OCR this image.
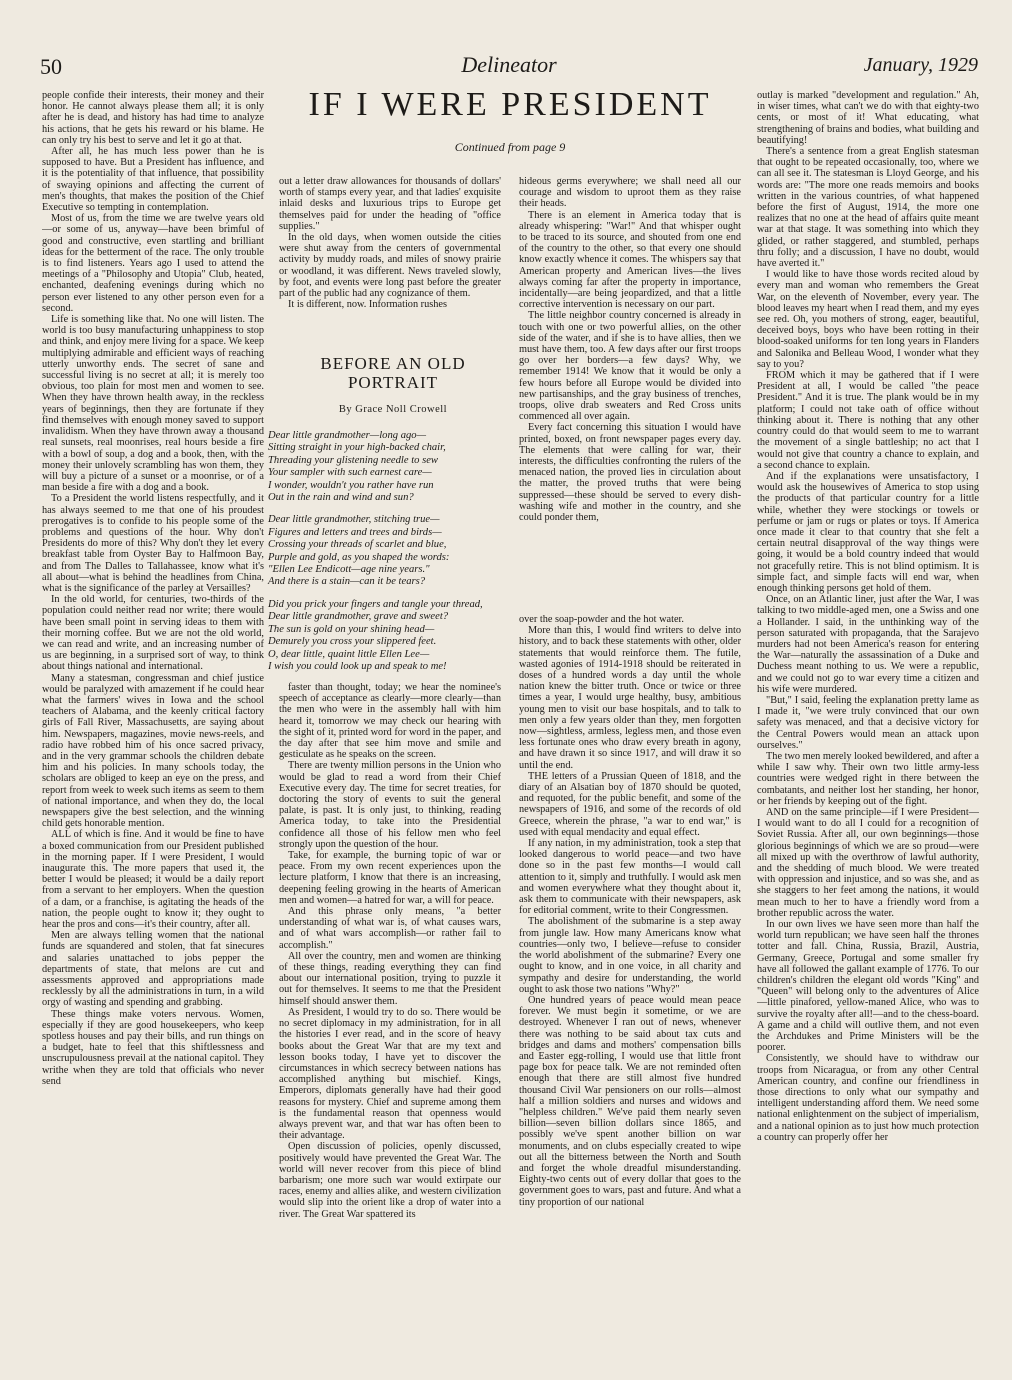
50	Delineator	January, 1929
IF I WERE PRESIDENT
Continued from page 9

people confide their interests, their money and their honor. He cannot always please them all; it is only after he is dead, and history has had time to analyze his actions, that he gets his reward or his blame. He can only try his best to serve and let it go at that.

After all, he has much less power than he is supposed to have. But a President has influence, and it is the potentiality of that influence, that possibility of swaying opinions and affecting the current of men's thoughts, that makes the position of the Chief Executive so tempting in contemplation.

Most of us, from the time we are twelve years old—or some of us, anyway—have been brimful of good and constructive, even startling and brilliant ideas for the betterment of the race. The only trouble is to find listeners. Years ago I used to attend the meetings of a "Philosophy and Utopia" Club, heated, enchanted, deafening evenings during which no person ever listened to any other person even for a second.

Life is something like that. No one will listen. The world is too busy manufacturing unhappiness to stop and think, and enjoy mere living for a space. We keep multiplying admirable and efficient ways of reaching utterly unworthy ends. The secret of sane and successful living is no secret at all; it is merely too obvious, too plain for most men and women to see. When they have thrown health away, in the reckless years of beginnings, then they are fortunate if they find themselves with enough money saved to support invalidism. When they have thrown away a thousand real sunsets, real moonrises, real hours beside a fire with a bowl of soup, a dog and a book, then, with the money their unlovely scrambling has won them, they will buy a picture of a sunset or a moonrise, or of a man beside a fire with a dog and a book.

To a President the world listens respectfully, and it has always seemed to me that one of his proudest prerogatives is to confide to his people some of the problems and questions of the hour. Why don't Presidents do more of this? Why don't they let every breakfast table from Oyster Bay to Halfmoon Bay, and from The Dalles to Tallahassee, know what it's all about—what is behind the headlines from China, what is the significance of the parley at Versailles?

In the old world, for centuries, two-thirds of the population could neither read nor write; there would have been small point in serving ideas to them with their morning coffee. But we are not the old world, we can read and write, and an increasing number of us are beginning, in a surprised sort of way, to think about things national and international.

Many a statesman, congressman and chief justice would be paralyzed with amazement if he could hear what the farmers' wives in Iowa and the school teachers of Alabama, and the keenly critical factory girls of Fall River, Massachusetts, are saying about him. Newspapers, magazines, movie news-reels, and radio have robbed him of his once sacred privacy, and in the very grammar schools the children debate him and his policies. In many schools today, the scholars are obliged to keep an eye on the press, and report from week to week such items as seem to them of national importance, and when they do, the local newspapers give the best selection, and the winning child gets honorable mention.

ALL of which is fine. And it would be fine to have a boxed communication from our President published in the morning paper. If I were President, I would inaugurate this. The more papers that used it, the better I would be pleased; it would be a daily report from a servant to her employers. When the question of a dam, or a franchise, is agitating the heads of the nation, the people ought to know it; they ought to hear the pros and cons—it's their country, after all.

Men are always telling women that the national funds are squandered and stolen, that fat sinecures and salaries unattached to jobs pepper the departments of state, that melons are cut and assessments approved and appropriations made recklessly by all the administrations in turn, in a wild orgy of wasting and spending and grabbing.

These things make voters nervous. Women, especially if they are good housekeepers, who keep spotless houses and pay their bills, and run things on a budget, hate to feel that this shiftlessness and unscrupulousness prevail at the national capitol. They writhe when they are told that officials who never send

out a letter draw allowances for thousands of dollars' worth of stamps every year, and that ladies' exquisite inlaid desks and luxurious trips to Europe get themselves paid for under the heading of "office supplies."

In the old days, when women outside the cities were shut away from the centers of governmental activity by muddy roads, and miles of snowy prairie or woodland, it was different. News traveled slowly, by foot, and events were long past before the greater part of the public had any cognizance of them.

It is different, now. Information rushes

faster than thought, today; we hear the nominee's speech of acceptance as clearly—more clearly—than the men who were in the assembly hall with him heard it, tomorrow we may check our hearing with the sight of it, printed word for word in the paper, and the day after that see him move and smile and gesticulate as he speaks on the screen.

There are twenty million persons in the Union who would be glad to read a word from their Chief Executive every day. The time for secret treaties, for doctoring the story of events to suit the general palate, is past. It is only just, to thinking, reading America today, to take into the Presidential confidence all those of his fellow men who feel strongly upon the question of the hour.

Take, for example, the burning topic of war or peace. From my own recent experiences upon the lecture platform, I know that there is an increasing, deepening feeling growing in the hearts of American men and women—a hatred for war, a will for peace.

And this phrase only means, "a better understanding of what war is, of what causes wars, and of what wars accomplish—or rather fail to accomplish."

All over the country, men and women are thinking of these things, reading everything they can find about our international position, trying to puzzle it out for themselves. It seems to me that the President himself should answer them.

As President, I would try to do so. There would be no secret diplomacy in my administration, for in all the histories I ever read, and in the score of heavy books about the Great War that are my text and lesson books today, I have yet to discover the circumstances in which secrecy between nations has accomplished anything but mischief. Kings, Emperors, diplomats generally have had their good reasons for mystery. Chief and supreme among them is the fundamental reason that openness would always prevent war, and that war has often been to their advantage.

Open discussion of policies, openly discussed, positively would have prevented the Great War. The world will never recover from this piece of blind barbarism; one more such war would extirpate our races, enemy and allies alike, and western civilization would slip into the orient like a drop of water into a river. The Great War spattered its

hideous germs everywhere; we shall need all our courage and wisdom to uproot them as they raise their heads.

There is an element in America today that is already whispering: "War!" And that whisper ought to be traced to its source, and shouted from one end of the country to the other, so that every one should know exactly whence it comes. The whispers say that American property and American lives—the lives always coming far after the property in importance, incidentally—are being jeopardized, and that a little corrective intervention is necessary on our part.

The little neighbor country concerned is already in touch with one or two powerful allies, on the other side of the water, and if she is to have allies, then we must have them, too. A few days after our first troops go over her borders—a few days? Why, we remember 1914! We know that it would be only a few hours before all Europe would be divided into new partisanships, and the gray business of trenches, troops, olive drab sweaters and Red Cross units commenced all over again.

Every fact concerning this situation I would have printed, boxed, on front newspaper pages every day. The elements that were calling for war, their interests, the difficulties confronting the rulers of the menaced nation, the proved lies in circulation about the matter, the proved truths that were being suppressed—these should be served to every dish-washing wife and mother in the country, and she could ponder them,

over the soap-powder and the hot water.

More than this, I would find writers to delve into history, and to back these statements with other, older statements that would reinforce them. The futile, wasted agonies of 1914-1918 should be reiterated in doses of a hundred words a day until the whole nation knew the bitter truth. Once or twice or three times a year, I would urge healthy, busy, ambitious young men to visit our base hospitals, and to talk to men only a few years older than they, men forgotten now—sightless, armless, legless men, and those even less fortunate ones who draw every breath in agony, and have drawn it so since 1917, and will draw it so until the end.

THE letters of a Prussian Queen of 1818, and the diary of an Alsatian boy of 1870 should be quoted, and requoted, for the public benefit, and some of the newspapers of 1916, and some of the records of old Greece, wherein the phrase, "a war to end war," is used with equal mendacity and equal effect.

If any nation, in my administration, took a step that looked dangerous to world peace—and two have done so in the past few months—I would call attention to it, simply and truthfully. I would ask men and women everywhere what they thought about it, ask them to communicate with their newspapers, ask for editorial comment, write to their Congressmen.

The abolishment of the submarine is a step away from jungle law. How many Americans know what countries—only two, I believe—refuse to consider the world abolishment of the submarine? Every one ought to know, and in one voice, in all charity and sympathy and desire for understanding, the world ought to ask those two nations "Why?"

One hundred years of peace would mean peace forever. We must begin it sometime, or we are destroyed. Whenever I ran out of news, whenever there was nothing to be said about tax cuts and bridges and dams and mothers' compensation bills and Easter egg-rolling, I would use that little front page box for peace talk. We are not reminded often enough that there are still almost five hundred thousand Civil War pensioners on our rolls—almost half a million soldiers and nurses and widows and "helpless children." We've paid them nearly seven billion—seven billion dollars since 1865, and possibly we've spent another billion on war monuments, and on clubs especially created to wipe out all the bitterness between the North and South and forget the whole dreadful misunderstanding. Eighty-two cents out of every dollar that goes to the government goes to wars, past and future. And what a tiny proportion of our national

outlay is marked "development and regulation." Ah, in wiser times, what can't we do with that eighty-two cents, or most of it! What educating, what strengthening of brains and bodies, what building and beautifying!

There's a sentence from a great English statesman that ought to be repeated occasionally, too, where we can all see it. The statesman is Lloyd George, and his words are: "The more one reads memoirs and books written in the various countries, of what happened before the first of August, 1914, the more one realizes that no one at the head of affairs quite meant war at that stage. It was something into which they glided, or rather staggered, and stumbled, perhaps thru folly; and a discussion, I have no doubt, would have averted it."

I would like to have those words recited aloud by every man and woman who remembers the Great War, on the eleventh of November, every year. The blood leaves my heart when I read them, and my eyes see red. Oh, you mothers of strong, eager, beautiful, deceived boys, boys who have been rotting in their blood-soaked uniforms for ten long years in Flanders and Salonika and Belleau Wood, I wonder what they say to you?

FROM which it may be gathered that if I were President at all, I would be called "the peace President." And it is true. The plank would be in my platform; I could not take oath of office without thinking about it. There is nothing that any other country could do that would seem to me to warrant the movement of a single battleship; no act that I would not give that country a chance to explain, and a second chance to explain.

And if the explanations were unsatisfactory, I would ask the housewives of America to stop using the products of that particular country for a little while, whether they were stockings or towels or perfume or jam or rugs or plates or toys. If America once made it clear to that country that she felt a certain neutral disapproval of the way things were going, it would be a bold country indeed that would not gracefully retire. This is not blind optimism. It is simple fact, and simple facts will end war, when enough thinking persons get hold of them.

Once, on an Atlantic liner, just after the War, I was talking to two middle-aged men, one a Swiss and one a Hollander. I said, in the unthinking way of the person saturated with propaganda, that the Sarajevo murders had not been America's reason for entering the War—naturally the assassination of a Duke and Duchess meant nothing to us. We were a republic, and we could not go to war every time a citizen and his wife were murdered.

"But," I said, feeling the explanation pretty lame as I made it, "we were truly convinced that our own safety was menaced, and that a decisive victory for the Central Powers would mean an attack upon ourselves."

The two men merely looked bewildered, and after a while I saw why. Their own two little army-less countries were wedged right in there between the combatants, and neither lost her standing, her honor, or her friends by keeping out of the fight.

AND on the same principle—if I were President—I would want to do all I could for a recognition of Soviet Russia. After all, our own beginnings—those glorious beginnings of which we are so proud—were all mixed up with the overthrow of lawful authority, and the shedding of much blood. We were treated with oppression and injustice, and so was she, and as she staggers to her feet among the nations, it would mean much to her to have a friendly word from a brother republic across the water.

In our own lives we have seen more than half the world turn republican; we have seen half the thrones totter and fall. China, Russia, Brazil, Austria, Germany, Greece, Portugal and some smaller fry have all followed the gallant example of 1776. To our children's children the elegant old words "King" and "Queen" will belong only to the adventures of Alice—little pinafored, yellow-maned Alice, who was to survive the royalty after all!—and to the chess-board. A game and a child will outlive them, and not even the Archdukes and Prime Ministers will be the poorer.

Consistently, we should have to withdraw our troops from Nicaragua, or from any other Central American country, and confine our friendliness in those directions to only what our sympathy and intelligent understanding afford them. We need some national enlightenment on the subject of imperialism, and a national opinion as to just how much protection a country can properly offer her

BEFORE AN OLD PORTRAIT
By Grace Noll Crowell
Dear little grandmother—long ago—
Sitting straight in your high-backed chair,
Threading your glistening needle to sew
Your sampler with such earnest care—
I wonder, wouldn't you rather have run
Out in the rain and wind and sun?
Dear little grandmother, stitching true—
Figures and letters and trees and birds—
Crossing your threads of scarlet and blue,
Purple and gold, as you shaped the words:
"Ellen Lee Endicott—age nine years."
And there is a stain—can it be tears?
Did you prick your fingers and tangle your thread,
Dear little grandmother, grave and sweet?
The sun is gold on your shining head—
Demurely you cross your slippered feet.
O, dear little, quaint little Ellen Lee—
I wish you could look up and speak to me!
